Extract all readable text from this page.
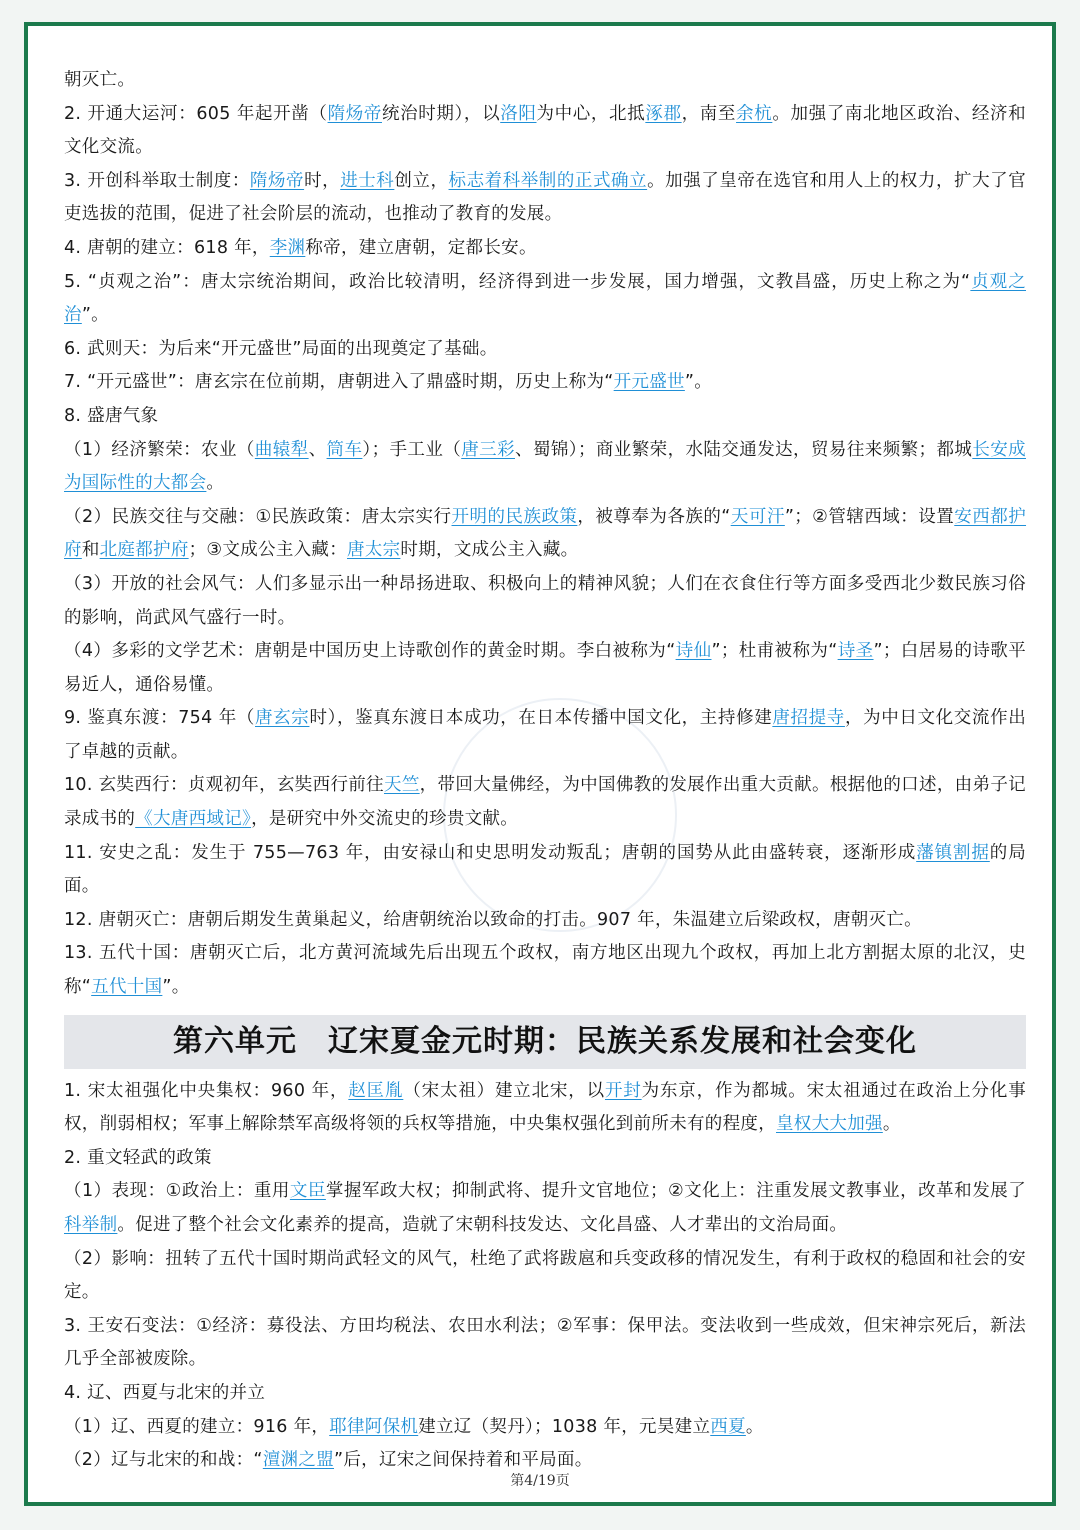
朝灭亡。

2. 开通大运河：605 年起开凿（隋炀帝统治时期），以洛阳为中心，北抵涿郡，南至余杭。加强了南北地区政治、经济和文化交流。

3. 开创科举取士制度：隋炀帝时，进士科创立，标志着科举制的正式确立。加强了皇帝在选官和用人上的权力，扩大了官吏选拔的范围，促进了社会阶层的流动，也推动了教育的发展。

4. 唐朝的建立：618 年，李渊称帝，建立唐朝，定都长安。

5. “贞观之治”：唐太宗统治期间，政治比较清明，经济得到进一步发展，国力增强，文教昌盛，历史上称之为“贞观之治”。

6. 武则天：为后来“开元盛世”局面的出现奠定了基础。

7. “开元盛世”：唐玄宗在位前期，唐朝进入了鼎盛时期，历史上称为“开元盛世”。

8. 盛唐气象

（1）经济繁荣：农业（曲辕犁、筒车）；手工业（唐三彩、蜀锦）；商业繁荣，水陆交通发达，贸易往来频繁；都城长安成为国际性的大都会。

（2）民族交往与交融：①民族政策：唐太宗实行开明的民族政策，被尊奉为各族的“天可汗”；②管辖西域：设置安西都护府和北庭都护府；③文成公主入藏：唐太宗时期，文成公主入藏。

（3）开放的社会风气：人们多显示出一种昂扬进取、积极向上的精神风貌；人们在衣食住行等方面多受西北少数民族习俗的影响，尚武风气盛行一时。

（4）多彩的文学艺术：唐朝是中国历史上诗歌创作的黄金时期。李白被称为“诗仙”；杜甫被称为“诗圣”；白居易的诗歌平易近人，通俗易懂。

9. 鉴真东渡：754 年（唐玄宗时），鉴真东渡日本成功，在日本传播中国文化，主持修建唐招提寺，为中日文化交流作出了卓越的贡献。

10. 玄奘西行：贞观初年，玄奘西行前往天竺，带回大量佛经，为中国佛教的发展作出重大贡献。根据他的口述，由弟子记录成书的《大唐西域记》，是研究中外交流史的珍贵文献。

11. 安史之乱：发生于 755—763 年，由安禄山和史思明发动叛乱；唐朝的国势从此由盛转衰，逐渐形成藩镇割据的局面。

12. 唐朝灭亡：唐朝后期发生黄巢起义，给唐朝统治以致命的打击。907 年，朱温建立后梁政权，唐朝灭亡。

13. 五代十国：唐朝灭亡后，北方黄河流域先后出现五个政权，南方地区出现九个政权，再加上北方割据太原的北汉，史称“五代十国”。

第六单元　辽宋夏金元时期：民族关系发展和社会变化

1. 宋太祖强化中央集权：960 年，赵匡胤（宋太祖）建立北宋，以开封为东京，作为都城。宋太祖通过在政治上分化事权，削弱相权；军事上解除禁军高级将领的兵权等措施，中央集权强化到前所未有的程度，皇权大大加强。

2. 重文轻武的政策

（1）表现：①政治上：重用文臣掌握军政大权；抑制武将、提升文官地位；②文化上：注重发展文教事业，改革和发展了科举制。促进了整个社会文化素养的提高，造就了宋朝科技发达、文化昌盛、人才辈出的文治局面。

（2）影响：扭转了五代十国时期尚武轻文的风气，杜绝了武将跋扈和兵变政移的情况发生，有利于政权的稳固和社会的安定。

3. 王安石变法：①经济：募役法、方田均税法、农田水利法；②军事：保甲法。变法收到一些成效，但宋神宗死后，新法几乎全部被废除。

4. 辽、西夏与北宋的并立

（1）辽、西夏的建立：916 年，耶律阿保机建立辽（契丹）；1038 年，元昊建立西夏。

（2）辽与北宋的和战：“澶渊之盟”后，辽宋之间保持着和平局面。

第4/19页
